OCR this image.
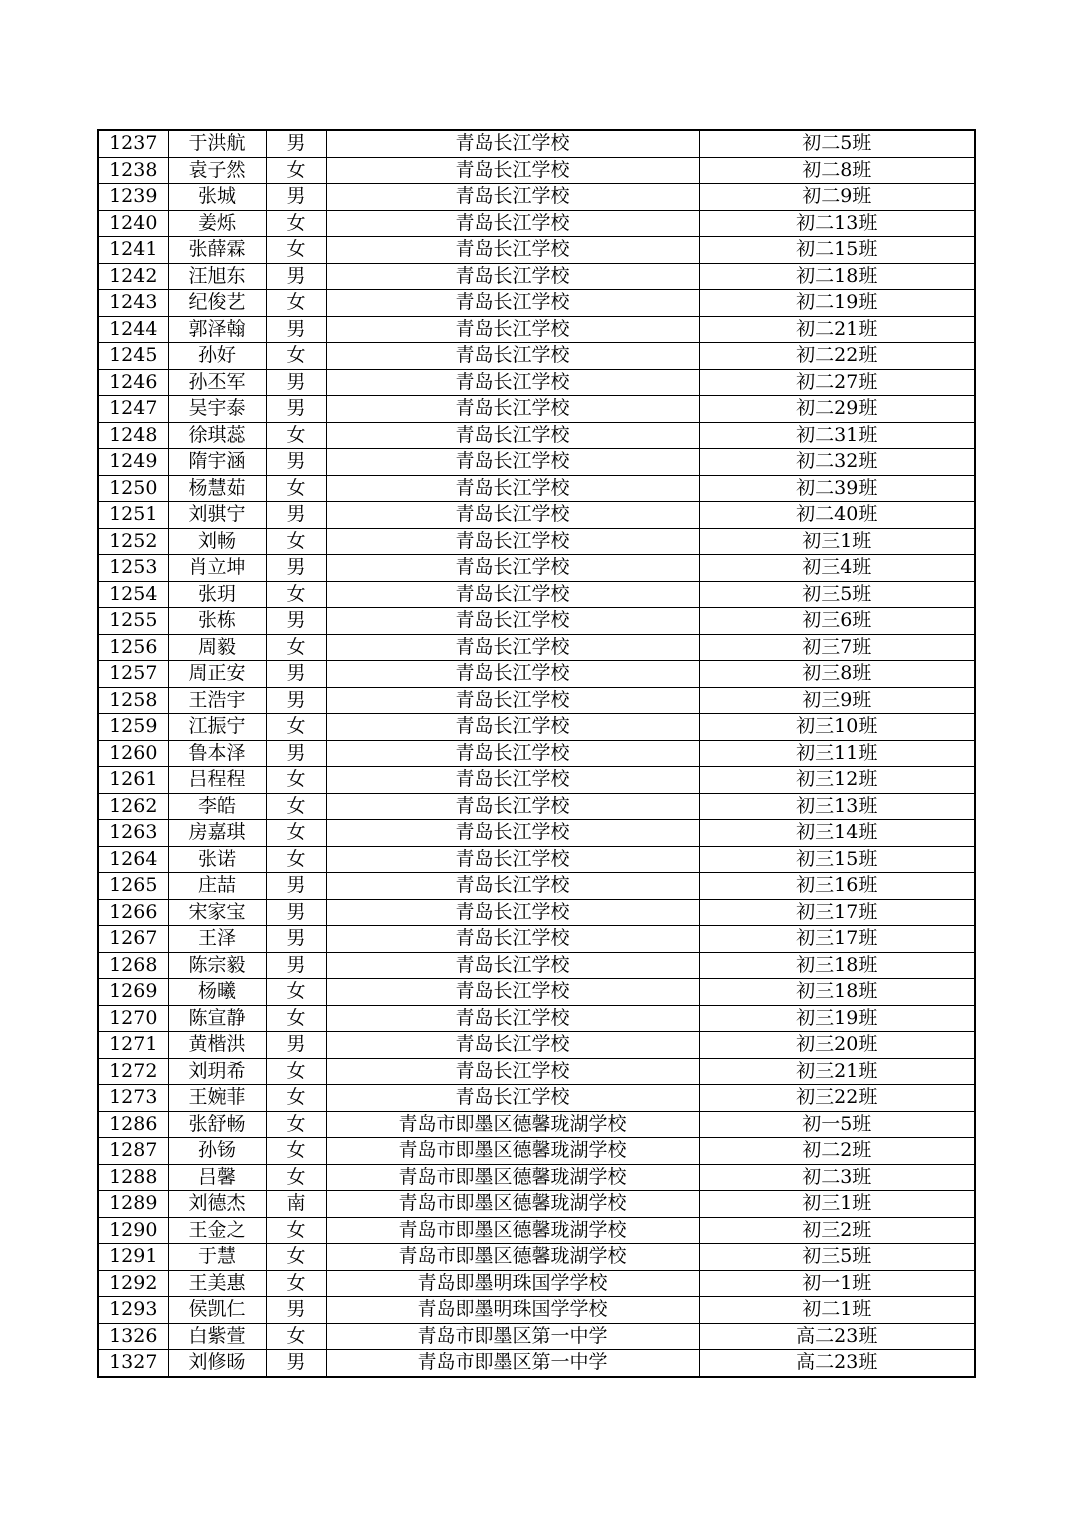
1237	于洪航	男	青岛长江学校	初二5班
1238	袁子然	女	青岛长江学校	初二8班
1239	张城	男	青岛长江学校	初二9班
1240	姜烁	女	青岛长江学校	初二13班
1241	张薛霖	女	青岛长江学校	初二15班
1242	汪旭东	男	青岛长江学校	初二18班
1243	纪俊艺	女	青岛长江学校	初二19班
1244	郭泽翰	男	青岛长江学校	初二21班
1245	孙好	女	青岛长江学校	初二22班
1246	孙丕军	男	青岛长江学校	初二27班
1247	吴宇泰	男	青岛长江学校	初二29班
1248	徐琪蕊	女	青岛长江学校	初二31班
1249	隋宇涵	男	青岛长江学校	初二32班
1250	杨慧茹	女	青岛长江学校	初二39班
1251	刘骐宁	男	青岛长江学校	初二40班
1252	刘畅	女	青岛长江学校	初三1班
1253	肖立坤	男	青岛长江学校	初三4班
1254	张玥	女	青岛长江学校	初三5班
1255	张栋	男	青岛长江学校	初三6班
1256	周毅	女	青岛长江学校	初三7班
1257	周正安	男	青岛长江学校	初三8班
1258	王浩宇	男	青岛长江学校	初三9班
1259	江振宁	女	青岛长江学校	初三10班
1260	鲁本泽	男	青岛长江学校	初三11班
1261	吕程程	女	青岛长江学校	初三12班
1262	李皓	女	青岛长江学校	初三13班
1263	房嘉琪	女	青岛长江学校	初三14班
1264	张诺	女	青岛长江学校	初三15班
1265	庄喆	男	青岛长江学校	初三16班
1266	宋家宝	男	青岛长江学校	初三17班
1267	王泽	男	青岛长江学校	初三17班
1268	陈宗毅	男	青岛长江学校	初三18班
1269	杨曦	女	青岛长江学校	初三18班
1270	陈宣静	女	青岛长江学校	初三19班
1271	黄楷洪	男	青岛长江学校	初三20班
1272	刘玥希	女	青岛长江学校	初三21班
1273	王婉菲	女	青岛长江学校	初三22班
1286	张舒畅	女	青岛市即墨区德馨珑湖学校	初一5班
1287	孙钖	女	青岛市即墨区德馨珑湖学校	初二2班
1288	吕馨	女	青岛市即墨区德馨珑湖学校	初二3班
1289	刘德杰	南	青岛市即墨区德馨珑湖学校	初三1班
1290	王金之	女	青岛市即墨区德馨珑湖学校	初三2班
1291	于慧	女	青岛市即墨区德馨珑湖学校	初三5班
1292	王美惠	女	青岛即墨明珠国学学校	初一1班
1293	侯凯仁	男	青岛即墨明珠国学学校	初二1班
1326	白紫萱	女	青岛市即墨区第一中学	高二23班
1327	刘修旸	男	青岛市即墨区第一中学	高二23班
